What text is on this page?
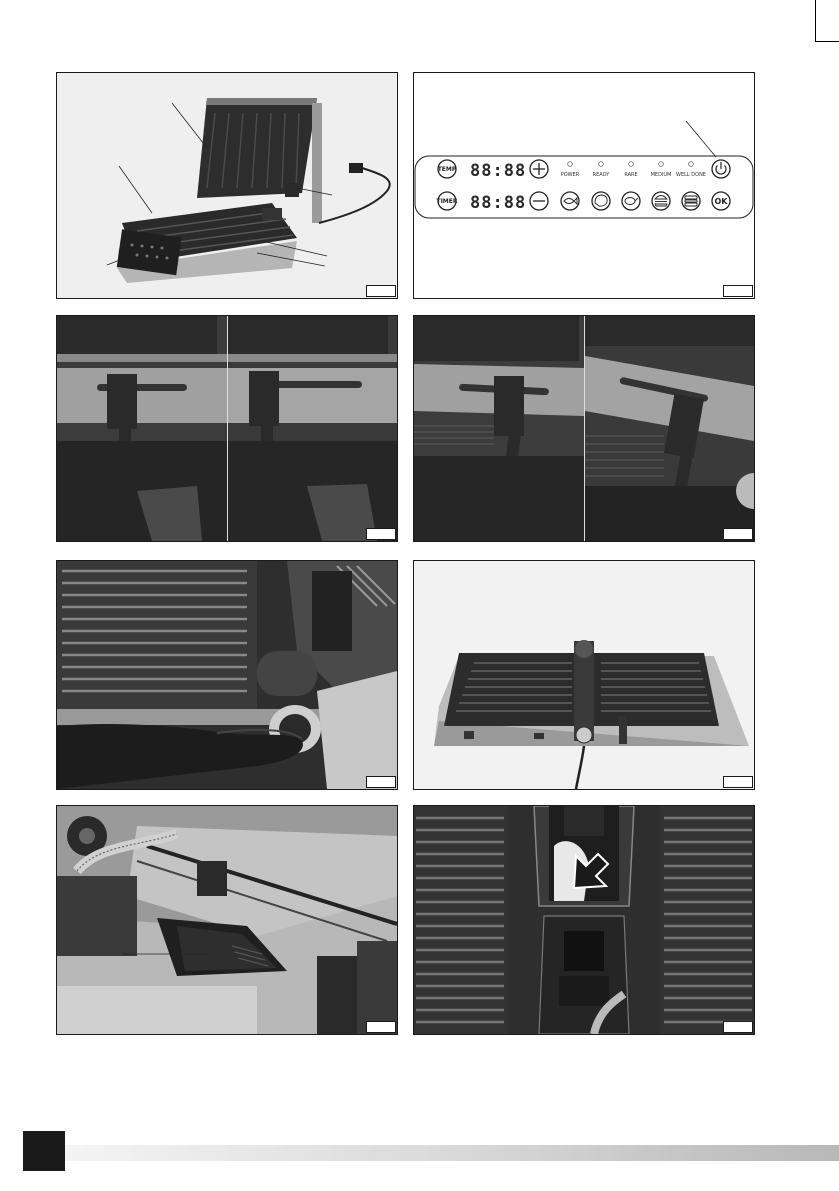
TEMP
TIMER
88:88
88:88
POWER	READY	RARE	MEDIUM WELL DONE
OK
